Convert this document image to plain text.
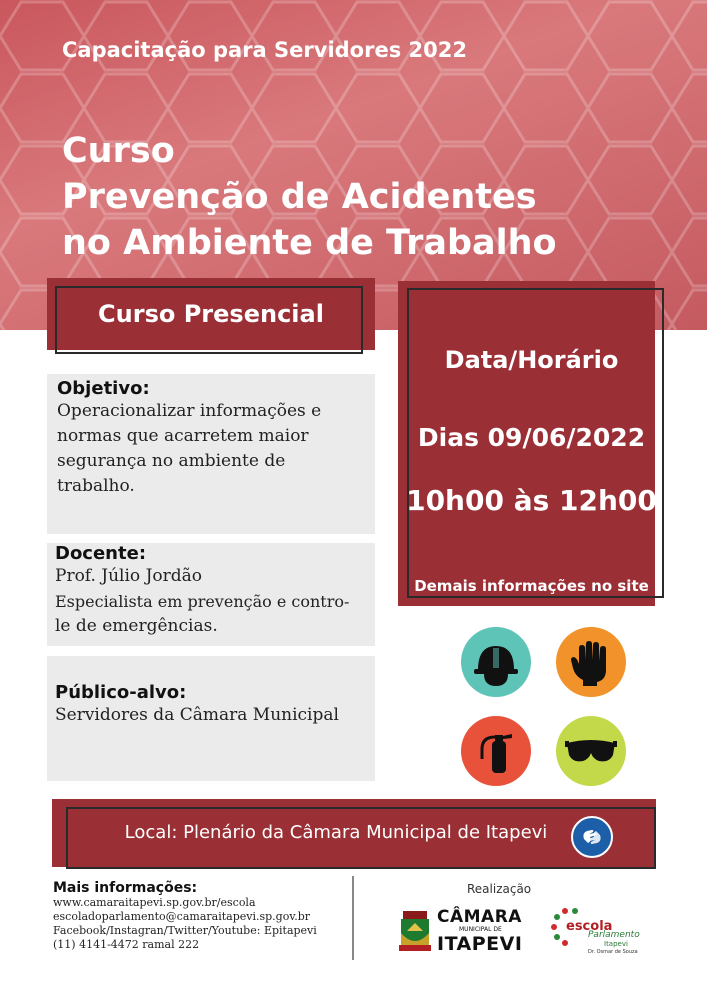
Capacitação para Servidores 2022
Curso
Prevenção de Acidentes
no Ambiente de Trabalho
Curso Presencial
Data/Horário
Dias 09/06/2022
10h00 às 12h00
Demais informações no site
Objetivo:
Operacionalizar informações e
normas que acarretem maior
segurança no ambiente de
trabalho.
Docente:
Prof. Júlio Jordão
Especialista em prevenção e contro-
le de emergências.
Público-alvo:
Servidores da Câmara Municipal
Local: Plenário da Câmara Municipal de Itapevi
Mais informações:
www.camaraitapevi.sp.gov.br/escola
escoladoparlamento@camaraitapevi.sp.gov.br
Facebook/Instagran/Twitter/Youtube: Epitapevi
(11) 4141-4472 ramal 222
Realização
CÂMARA
MUNICIPAL DE
ITAPEVI
escola
Parlamento
Itapevi
Dr. Osmar de Souza
